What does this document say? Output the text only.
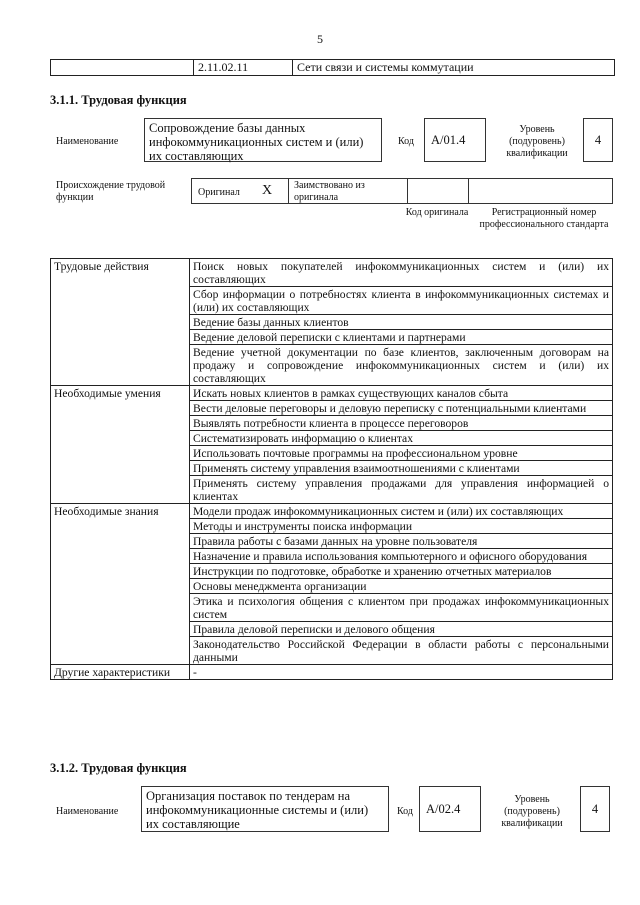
5
2.11.02.11	Сети связи и системы коммутации
3.1.1. Трудовая функция
Наименование
Сопровождение базы данных инфокоммуникационных систем и (или) их составляющих
Код	A/01.4
Уровень (подуровень) квалификации
4
Происхождение трудовой функции	Оригинал X Заимствовано из оригинала
Код оригинала	Регистрационный номер профессионального стандарта
Трудовые действия	Поиск новых покупателей инфокоммуникационных систем и (или) их составляющих
	Сбор информации о потребностях клиента в инфокоммуникационных системах и (или) их составляющих
	Ведение базы данных клиентов
	Ведение деловой переписки с клиентами и партнерами
	Ведение учетной документации по базе клиентов, заключенным договорам на продажу и сопровождение инфокоммуникационных систем и (или) их составляющих
Необходимые умения	Искать новых клиентов в рамках существующих каналов сбыта
	Вести деловые переговоры и деловую переписку с потенциальными клиентами
	Выявлять потребности клиента в процессе переговоров
	Систематизировать информацию о клиентах
	Использовать почтовые программы на профессиональном уровне
	Применять систему управления взаимоотношениями с клиентами
	Применять систему управления продажами для управления информацией о клиентах
Необходимые знания	Модели продаж инфокоммуникационных систем и (или) их составляющих
	Методы и инструменты поиска информации
	Правила работы с базами данных на уровне пользователя
	Назначение и правила использования компьютерного и офисного оборудования
	Инструкции по подготовке, обработке и хранению отчетных материалов
	Основы менеджмента организации
	Этика и психология общения с клиентом при продажах инфокоммуникационных систем
	Правила деловой переписки и делового общения
	Законодательство Российской Федерации в области работы с персональными данными
Другие характеристики	-
3.1.2. Трудовая функция
Наименование
Организация поставок по тендерам на инфокоммуникационные системы и (или) их составляющие
Код	A/02.4
Уровень (подуровень) квалификации
4
